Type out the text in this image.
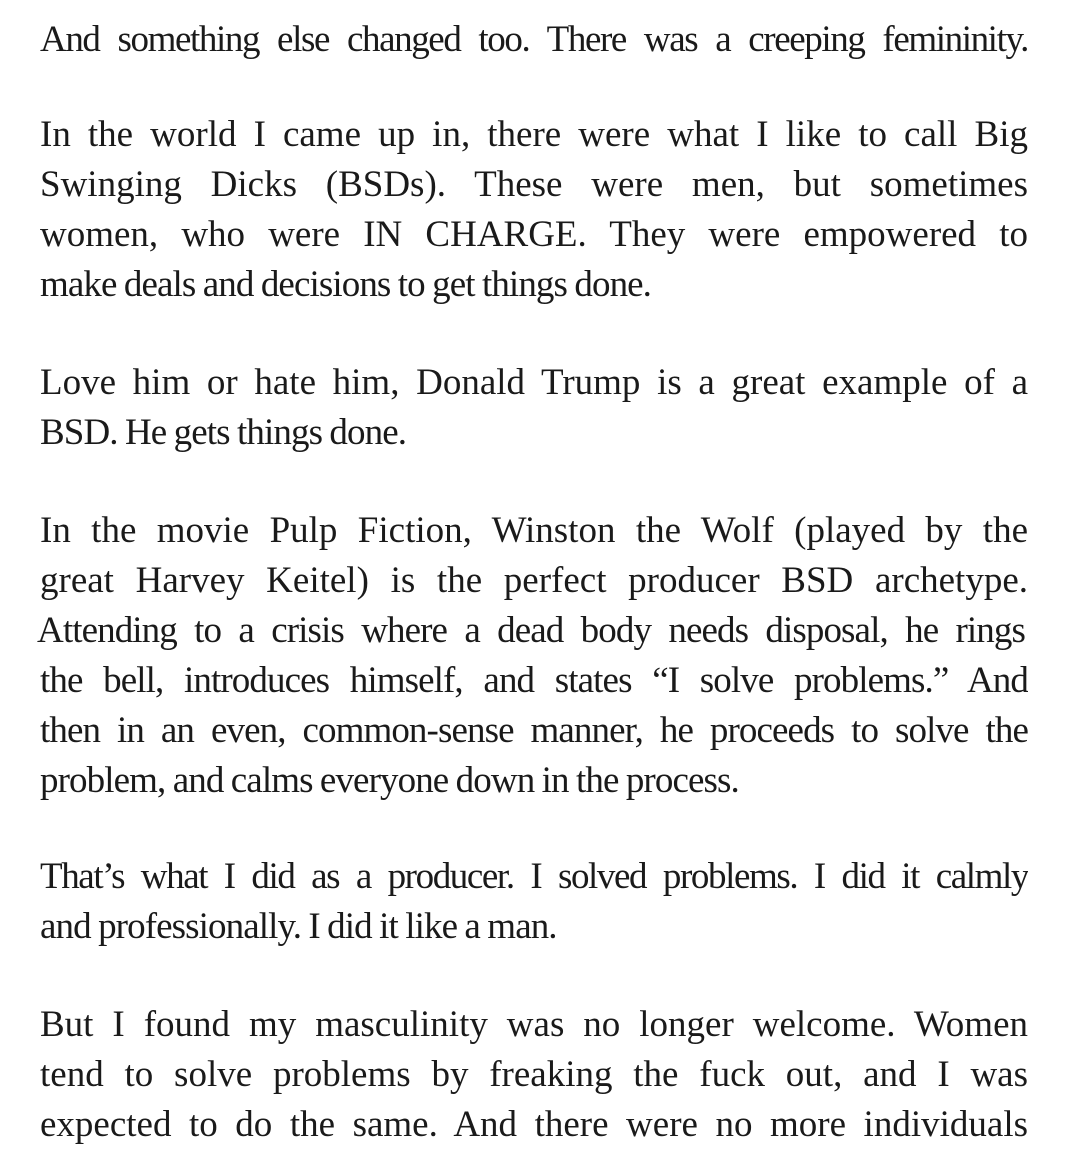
And something else changed too. There was a creeping femininity.
In the world I came up in, there were what I like to call Big
Swinging Dicks (BSDs). These were men, but sometimes
women, who were IN CHARGE. They were empowered to
make deals and decisions to get things done.
Love him or hate him, Donald Trump is a great example of a
BSD. He gets things done.
In the movie Pulp Fiction, Winston the Wolf (played by the
great Harvey Keitel) is the perfect producer BSD archetype.
Attending to a crisis where a dead body needs disposal, he rings
the bell, introduces himself, and states “I solve problems.” And
then in an even, common-sense manner, he proceeds to solve the
problem, and calms everyone down in the process.
That’s what I did as a producer. I solved problems. I did it calmly
and professionally. I did it like a man.
But I found my masculinity was no longer welcome. Women
tend to solve problems by freaking the fuck out, and I was
expected to do the same. And there were no more individuals
